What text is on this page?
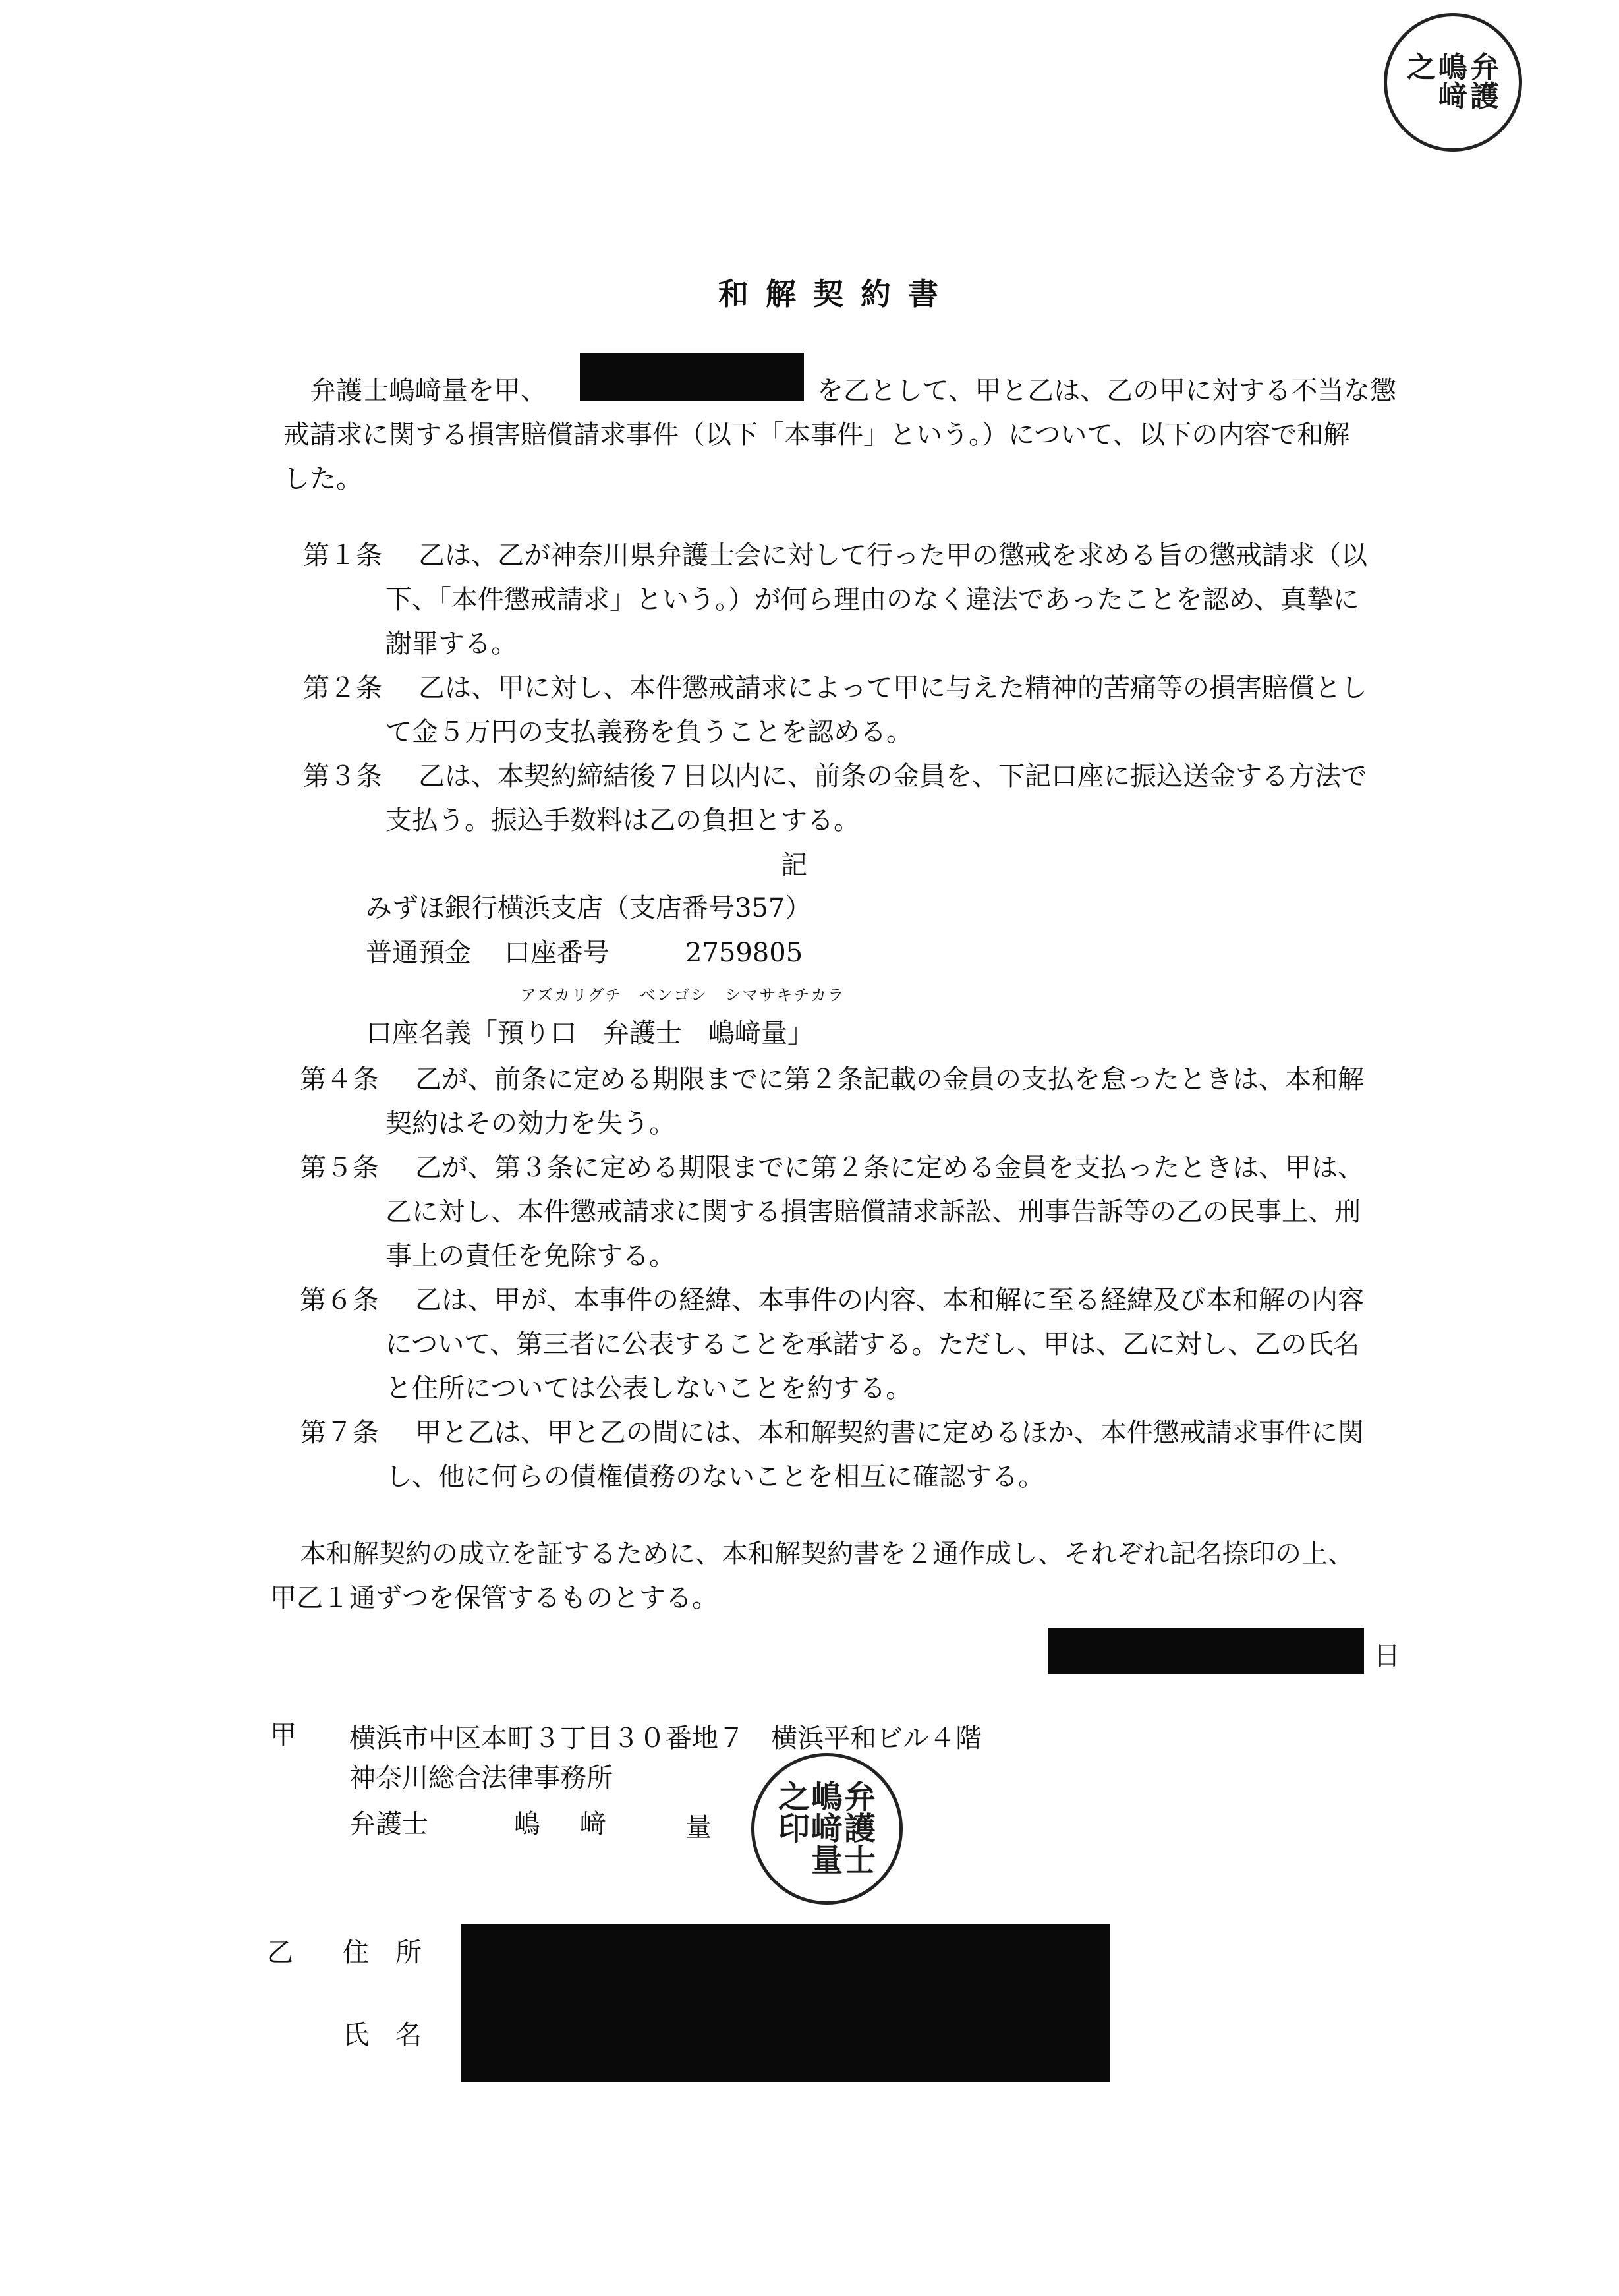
弁
護
嶋
﨑
之
和解契約書
弁護士嶋﨑量を甲、	を乙として、甲と乙は、乙の甲に対する不当な懲
戒請求に関する損害賠償請求事件（以下「本事件」という。）について、以下の内容で和解
した。
第１条 乙は、乙が神奈川県弁護士会に対して行った甲の懲戒を求める旨の懲戒請求（以
下、「本件懲戒請求」という。）が何ら理由のなく違法であったことを認め、真摯に
謝罪する。
第２条 乙は、甲に対し、本件懲戒請求によって甲に与えた精神的苦痛等の損害賠償とし
て金５万円の支払義務を負うことを認める。
第３条 乙は、本契約締結後７日以内に、前条の金員を、下記口座に振込送金する方法で
支払う。振込手数料は乙の負担とする。
記
みずほ銀行横浜支店（支店番号357）
普通預金 口座番号	2759805
アズカリグチ　ベンゴシ　シマサキチカラ
口座名義「預り口　弁護士　嶋﨑量」
第４条 乙が、前条に定める期限までに第２条記載の金員の支払を怠ったときは、本和解
契約はその効力を失う。
第５条 乙が、第３条に定める期限までに第２条に定める金員を支払ったときは、甲は、
乙に対し、本件懲戒請求に関する損害賠償請求訴訟、刑事告訴等の乙の民事上、刑
事上の責任を免除する。
第６条 乙は、甲が、本事件の経緯、本事件の内容、本和解に至る経緯及び本和解の内容
について、第三者に公表することを承諾する。ただし、甲は、乙に対し、乙の氏名
と住所については公表しないことを約する。
第７条 甲と乙は、甲と乙の間には、本和解契約書に定めるほか、本件懲戒請求事件に関
し、他に何らの債権債務のないことを相互に確認する。
本和解契約の成立を証するために、本和解契約書を２通作成し、それぞれ記名捺印の上、
甲乙１通ずつを保管するものとする。
日
甲 横浜市中区本町３丁目３０番地７　横浜平和ビル４階
神奈川総合法律事務所
弁護士	嶋 﨑	量
弁
護
士
嶋
﨑
量
之
印
乙 住　所
氏　名
